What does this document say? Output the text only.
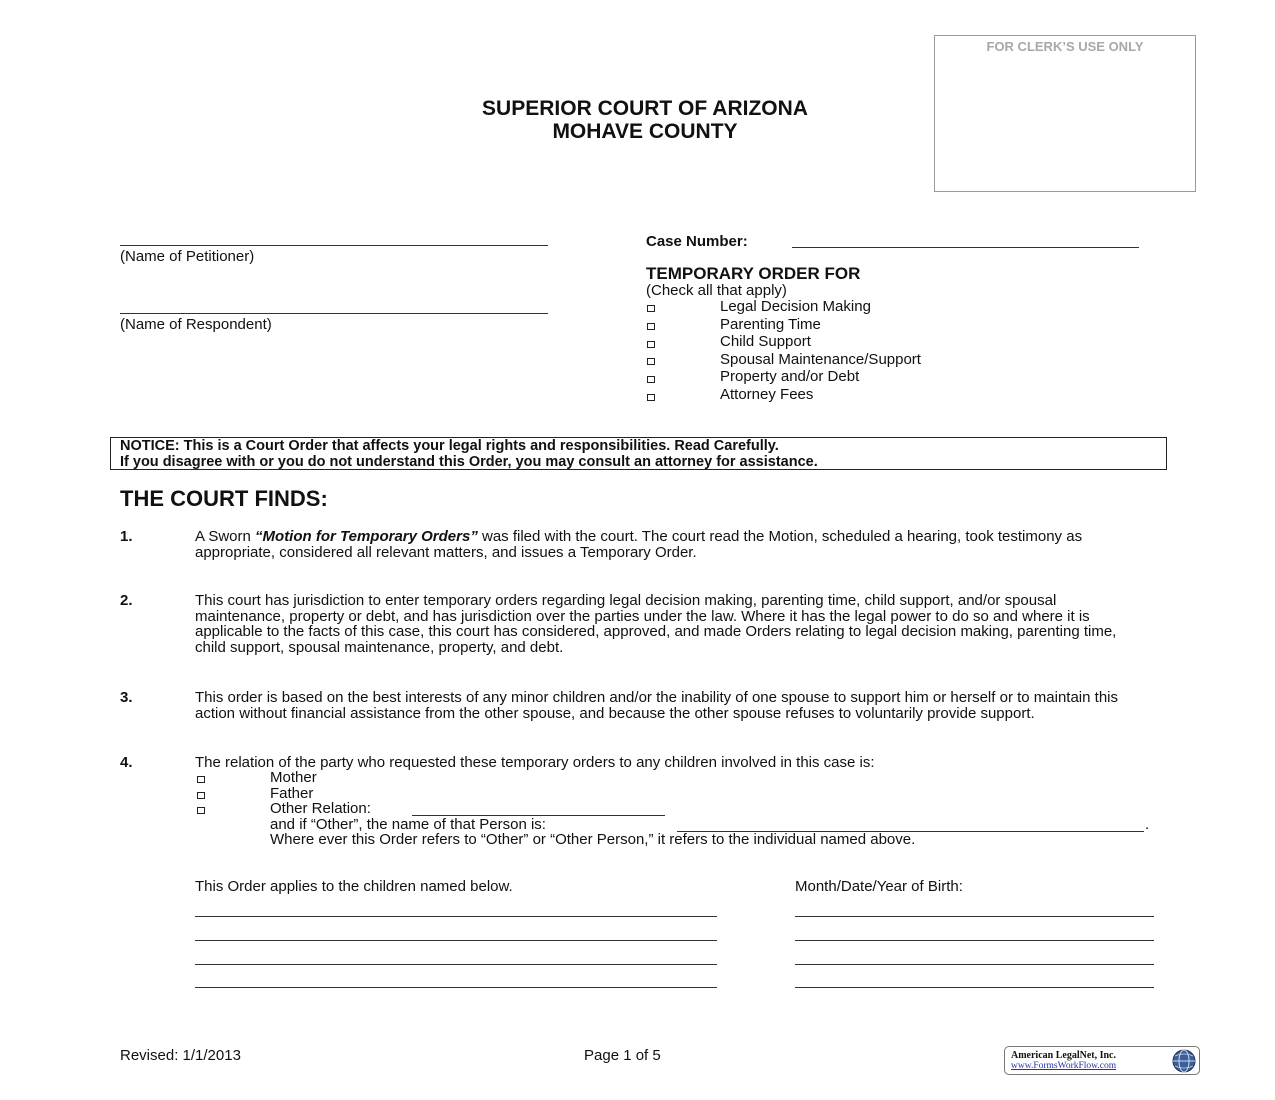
FOR CLERK’S USE ONLY
SUPERIOR COURT OF ARIZONA
MOHAVE COUNTY
(Name of Petitioner)
(Name of Respondent)
Case Number:
TEMPORARY ORDER FOR
(Check all that apply)
Legal Decision Making
Parenting Time
Child Support
Spousal Maintenance/Support
Property and/or Debt
Attorney Fees
NOTICE: This is a Court Order that affects your legal rights and responsibilities. Read Carefully.
If you disagree with or you do not understand this Order, you may consult an attorney for assistance.
THE COURT FINDS:
1.	A Sworn “Motion for Temporary Orders” was filed with the court. The court read the Motion, scheduled a hearing, took testimony as appropriate, considered all relevant matters, and issues a Temporary Order.
2.	This court has jurisdiction to enter temporary orders regarding legal decision making, parenting time, child support, and/or spousal maintenance, property or debt, and has jurisdiction over the parties under the law. Where it has the legal power to do so and where it is applicable to the facts of this case, this court has considered, approved, and made Orders relating to legal decision making, parenting time, child support, spousal maintenance, property, and debt.
3.	This order is based on the best interests of any minor children and/or the inability of one spouse to support him or herself or to maintain this action without financial assistance from the other spouse, and because the other spouse refuses to voluntarily provide support.
4.	The relation of the party who requested these temporary orders to any children involved in this case is:
Mother
Father
Other Relation:
and if “Other”, the name of that Person is:	.
Where ever this Order refers to “Other” or “Other Person,” it refers to the individual named above.
This Order applies to the children named below.	Month/Date/Year of Birth:
Revised: 1/1/2013	Page 1 of 5	American LegalNet, Inc.
www.FormsWorkFlow.com
